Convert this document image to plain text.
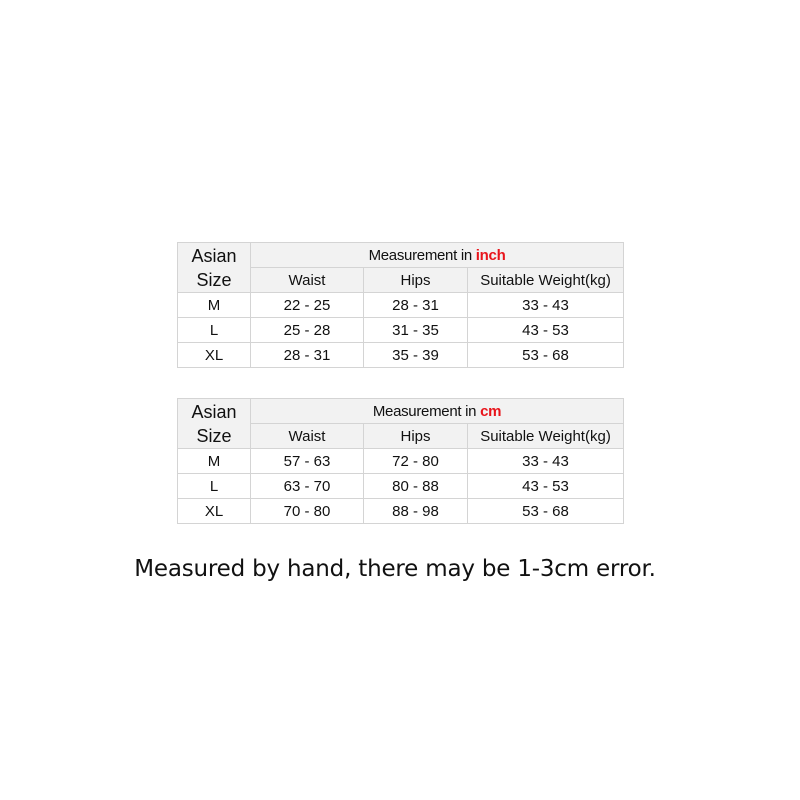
Asian
Size	Measurement in inch		
	Waist	Hips	Suitable Weight(kg)
M	22 - 25	28 - 31	33 - 43
L	25 - 28	31 - 35	43 - 53
XL	28 - 31	35 - 39	53 - 68
Asian
Size	Measurement in cm		
	Waist	Hips	Suitable Weight(kg)
M	57 - 63	72 - 80	33 - 43
L	63 - 70	80 - 88	43 - 53
XL	70 - 80	88 - 98	53 - 68
Measured by hand, there may be 1-3cm error.
